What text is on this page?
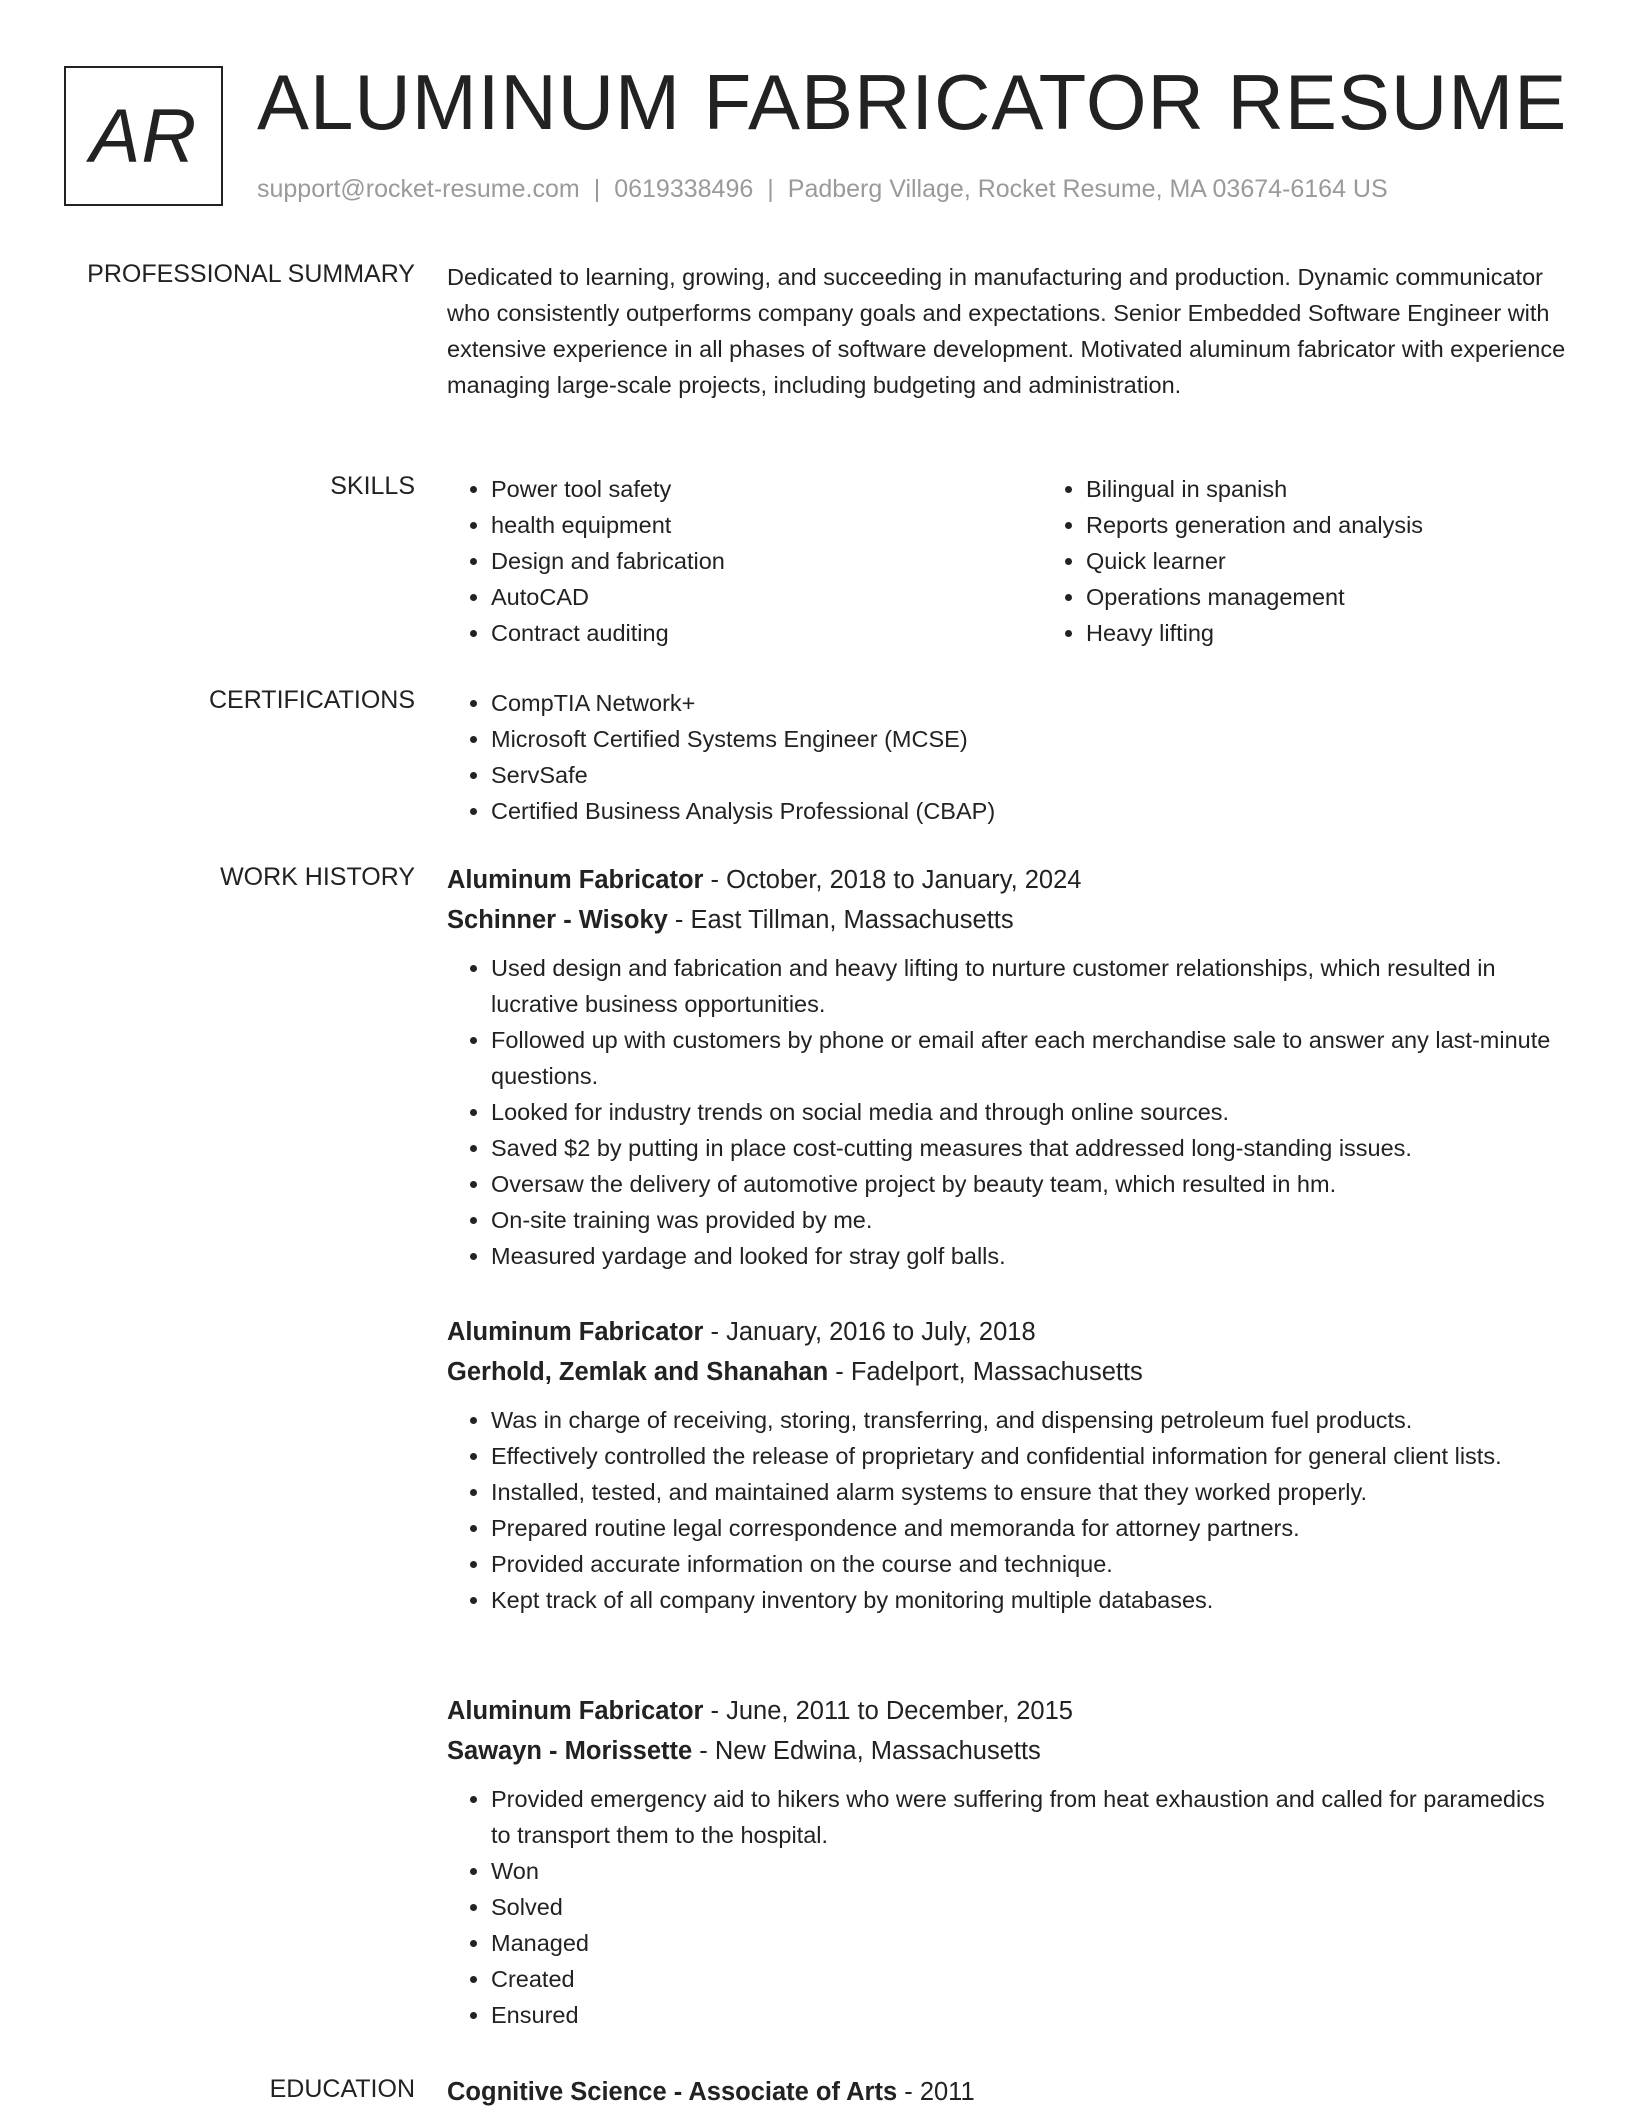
AR ALUMINUM FABRICATOR RESUME
support@rocket-resume.com | 0619338496 | Padberg Village, Rocket Resume, MA 03674-6164 US
PROFESSIONAL SUMMARY Dedicated to learning, growing, and succeeding in manufacturing and production. Dynamic communicator who consistently outperforms company goals and expectations. Senior Embedded Software Engineer with extensive experience in all phases of software development. Motivated aluminum fabricator with experience managing large-scale projects, including budgeting and administration.
SKILLS	• Power tool safety
• health equipment
• Design and fabrication
• AutoCAD
• Contract auditing
• Bilingual in spanish
• Reports generation and analysis
• Quick learner
• Operations management
• Heavy lifting
CERTIFICATIONS	• CompTIA Network+
• Microsoft Certified Systems Engineer (MCSE)
• ServSafe
• Certified Business Analysis Professional (CBAP)
WORK HISTORY Aluminum Fabricator - October, 2018 to January, 2024
Schinner - Wisoky - East Tillman, Massachusetts
• Used design and fabrication and heavy lifting to nurture customer relationships, which resulted in lucrative business opportunities.
• Followed up with customers by phone or email after each merchandise sale to answer any last-minute questions.
• Looked for industry trends on social media and through online sources.
• Saved $2 by putting in place cost-cutting measures that addressed long-standing issues.
• Oversaw the delivery of automotive project by beauty team, which resulted in hm.
• On-site training was provided by me.
• Measured yardage and looked for stray golf balls.
Aluminum Fabricator - January, 2016 to July, 2018
Gerhold, Zemlak and Shanahan - Fadelport, Massachusetts
• Was in charge of receiving, storing, transferring, and dispensing petroleum fuel products.
• Effectively controlled the release of proprietary and confidential information for general client lists.
• Installed, tested, and maintained alarm systems to ensure that they worked properly.
• Prepared routine legal correspondence and memoranda for attorney partners.
• Provided accurate information on the course and technique.
• Kept track of all company inventory by monitoring multiple databases.
Aluminum Fabricator - June, 2011 to December, 2015
Sawayn - Morissette - New Edwina, Massachusetts
• Provided emergency aid to hikers who were suffering from heat exhaustion and called for paramedics to transport them to the hospital.
• Won
• Solved
• Managed
• Created
• Ensured
EDUCATION Cognitive Science - Associate of Arts - 2011
